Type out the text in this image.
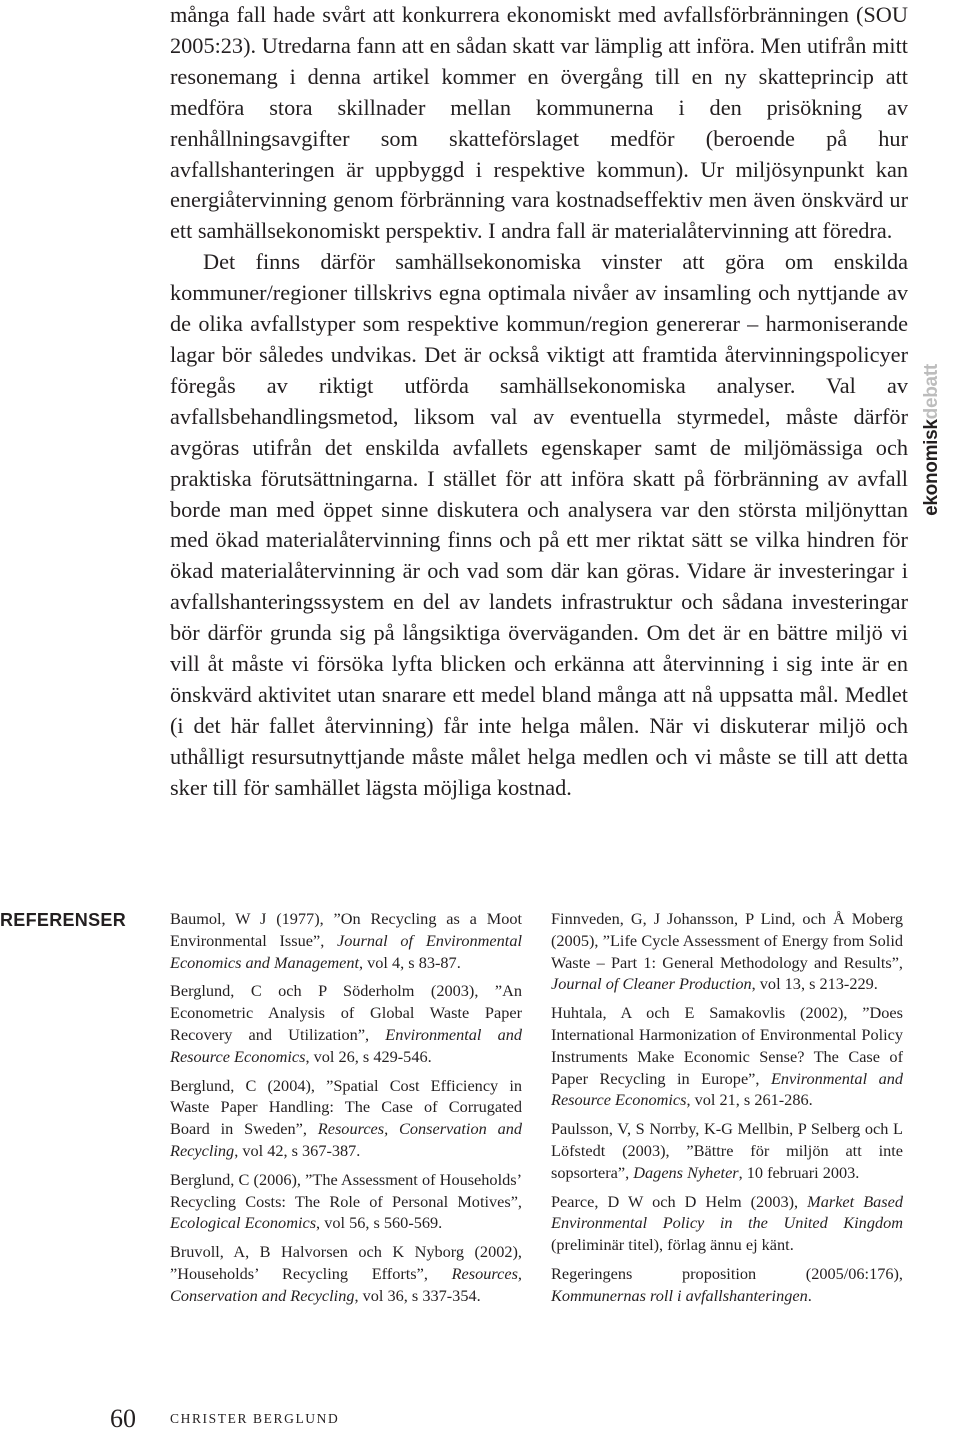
många fall hade svårt att konkurrera ekonomiskt med avfallsförbränningen (SOU 2005:23). Utredarna fann att en sådan skatt var lämplig att införa. Men utifrån mitt resonemang i denna artikel kommer en övergång till en ny skatteprincip att medföra stora skillnader mellan kommunerna i den prisökning av renhållningsavgifter som skatteförslaget medför (beroende på hur avfallshanteringen är uppbyggd i respektive kommun). Ur miljösynpunkt kan energiåtervinning genom förbränning vara kostnadseffektiv men även önskvärd ur ett samhällsekonomiskt perspektiv. I andra fall är materialåtervinning att föredra.

Det finns därför samhällsekonomiska vinster att göra om enskilda kommuner/regioner tillskrivs egna optimala nivåer av insamling och nyttjande av de olika avfallstyper som respektive kommun/region genererar – harmoniserande lagar bör således undvikas. Det är också viktigt att framtida återvinningspolicyer föregås av riktigt utförda samhällsekonomiska analyser. Val av avfallsbehandlingsmetod, liksom val av eventuella styrmedel, måste därför avgöras utifrån det enskilda avfallets egenskaper samt de miljömässiga och praktiska förutsättningarna. I stället för att införa skatt på förbränning av avfall borde man med öppet sinne diskutera och analysera var den största miljönyttan med ökad materialåtervinning finns och på ett mer riktat sätt se vilka hindren för ökad materialåtervinning är och vad som där kan göras. Vidare är investeringar i avfallshanteringssystem en del av landets infrastruktur och sådana investeringar bör därför grunda sig på långsiktiga överväganden. Om det är en bättre miljö vi vill åt måste vi försöka lyfta blicken och erkänna att återvinning i sig inte är en önskvärd aktivitet utan snarare ett medel bland många att nå uppsatta mål. Medlet (i det här fallet återvinning) får inte helga målen. När vi diskuterar miljö och uthålligt resursutnyttjande måste målet helga medlen och vi måste se till att detta sker till för samhället lägsta möjliga kostnad.

ekonomiskdebatt
REFERENSER	Baumol, W J (1977), ”On Recycling as a Moot Environmental Issue”, Journal of Environmental Economics and Management, vol 4, s 83-87.

Berglund, C och P Söderholm (2003), ”An Econometric Analysis of Global Waste Paper Recovery and Utilization”, Environmental and Resource Economics, vol 26, s 429-546.

Berglund, C (2004), ”Spatial Cost Efficiency in Waste Paper Handling: The Case of Corrugated Board in Sweden”, Resources, Conservation and Recycling, vol 42, s 367-387.

Berglund, C (2006), ”The Assessment of Households’ Recycling Costs: The Role of Personal Motives”, Ecological Economics, vol 56, s 560-569.

Bruvoll, A, B Halvorsen och K Nyborg (2002), ”Households’ Recycling Efforts”, Resources, Conservation and Recycling, vol 36, s 337-354.

Finnveden, G, J Johansson, P Lind, och Å Moberg (2005), ”Life Cycle Assessment of Energy from Solid Waste – Part 1: General Methodology and Results”, Journal of Cleaner Production, vol 13, s 213-229.

Huhtala, A och E Samakovlis (2002), ”Does International Harmonization of Environmental Policy Instruments Make Economic Sense? The Case of Paper Recycling in Europe”, Environmental and Resource Economics, vol 21, s 261-286.

Paulsson, V, S Norrby, K-G Mellbin, P Selberg och L Löfstedt (2003), ”Bättre för miljön att inte sopsortera”, Dagens Nyheter, 10 februari 2003.

Pearce, D W och D Helm (2003), Market Based Environmental Policy in the United Kingdom (preliminär titel), förlag ännu ej känt.

Regeringens proposition (2005/06:176), Kommunernas roll i avfallshanteringen.

60	CHRISTER BERGLUND
